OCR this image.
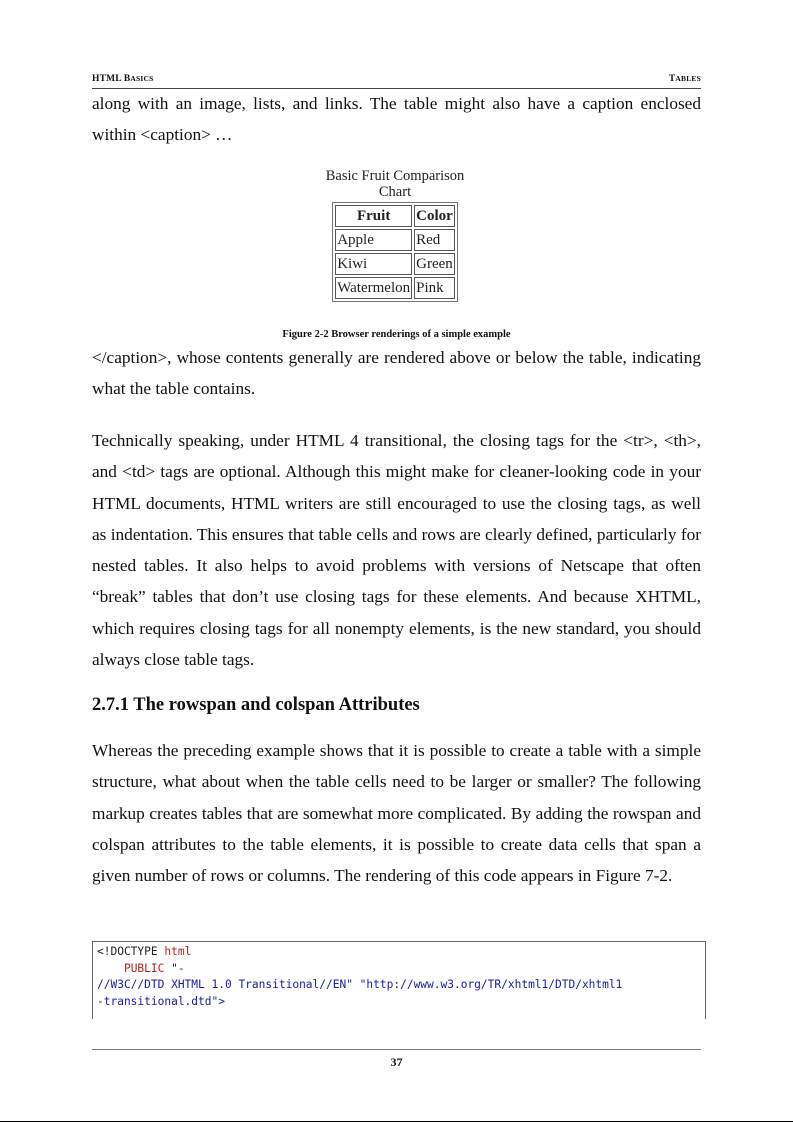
HTML BASICS	TABLES

along with an image, lists, and links. The table might also have a caption enclosed within <caption> …

Basic Fruit Comparison Chart
Fruit	Color
Apple	Red
Kiwi	Green
Watermelon	Pink
Figure 2-2 Browser renderings of a simple example

</caption>, whose contents generally are rendered above or below the table, indicating what the table contains.

Technically speaking, under HTML 4 transitional, the closing tags for the <tr>, <th>, and <td> tags are optional. Although this might make for cleaner-looking code in your HTML documents, HTML writers are still encouraged to use the closing tags, as well as indentation. This ensures that table cells and rows are clearly defined, particularly for nested tables. It also helps to avoid problems with versions of Netscape that often “break” tables that don’t use closing tags for these elements. And because XHTML, which requires closing tags for all nonempty elements, is the new standard, you should always close table tags.

2.7.1 The rowspan and colspan Attributes

Whereas the preceding example shows that it is possible to create a table with a simple structure, what about when the table cells need to be larger or smaller? The following markup creates tables that are somewhat more complicated. By adding the rowspan and colspan attributes to the table elements, it is possible to create data cells that span a given number of rows or columns. The rendering of this code appears in Figure 7-2.

<!DOCTYPE html
PUBLIC "-
//W3C//DTD XHTML 1.0 Transitional//EN" "http://www.w3.org/TR/xhtml1/DTD/xhtml1
-transitional.dtd">
37
